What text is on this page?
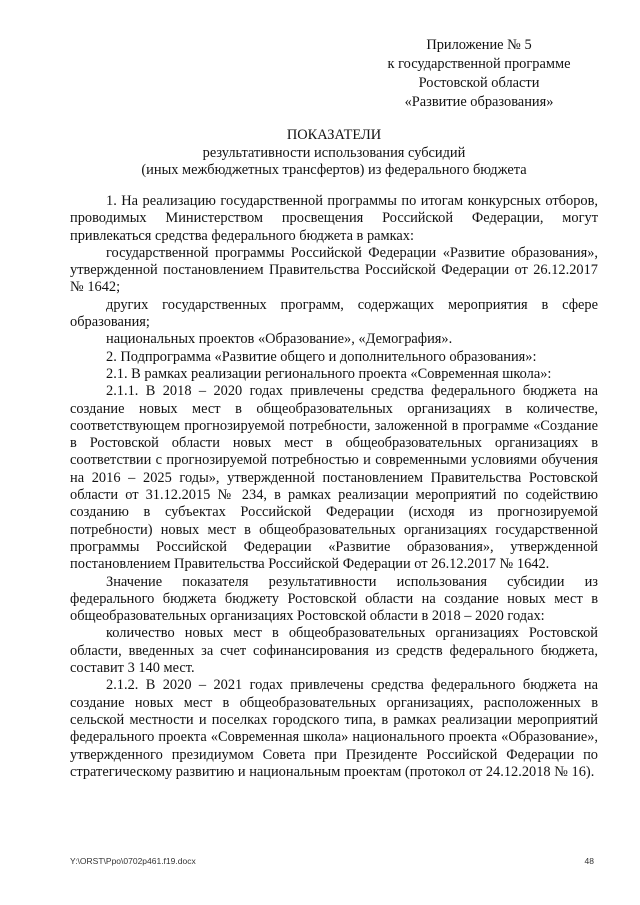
Приложение № 5
к государственной программе
Ростовской области
«Развитие образования»
ПОКАЗАТЕЛИ
результативности использования субсидий
(иных межбюджетных трансфертов) из федерального бюджета

1. На реализацию государственной программы по итогам конкурсных отборов, проводимых Министерством просвещения Российской Федерации, могут привлекаться средства федерального бюджета в рамках:

государственной программы Российской Федерации «Развитие образования», утвержденной постановлением Правительства Российской Федерации от 26.12.2017 № 1642;

других государственных программ, содержащих мероприятия в сфере образования;

национальных проектов «Образование», «Демография».

2. Подпрограмма «Развитие общего и дополнительного образования»:

2.1. В рамках реализации регионального проекта «Современная школа»:

2.1.1. В 2018 – 2020 годах привлечены средства федерального бюджета на создание новых мест в общеобразовательных организациях в количестве, соответствующем прогнозируемой потребности, заложенной в программе «Создание в Ростовской области новых мест в общеобразовательных организациях в соответствии с прогнозируемой потребностью и современными условиями обучения на 2016 – 2025 годы», утвержденной постановлением Правительства Ростовской области от 31.12.2015 № 234, в рамках реализации мероприятий по содействию созданию в субъектах Российской Федерации (исходя из прогнозируемой потребности) новых мест в общеобразовательных организациях государственной программы Российской Федерации «Развитие образования», утвержденной постановлением Правительства Российской Федерации от 26.12.2017 № 1642.

Значение показателя результативности использования субсидии из федерального бюджета бюджету Ростовской области на создание новых мест в общеобразовательных организациях Ростовской области в 2018 – 2020 годах:

количество новых мест в общеобразовательных организациях Ростовской области, введенных за счет софинансирования из средств федерального бюджета, составит 3 140 мест.

2.1.2. В 2020 – 2021 годах привлечены средства федерального бюджета на создание новых мест в общеобразовательных организациях, расположенных в сельской местности и поселках городского типа, в рамках реализации мероприятий федерального проекта «Современная школа» национального проекта «Образование», утвержденного президиумом Совета при Президенте Российской Федерации по стратегическому развитию и национальным проектам (протокол от 24.12.2018 № 16).

Y:\ORST\Ppo\0702p461.f19.docx	48
